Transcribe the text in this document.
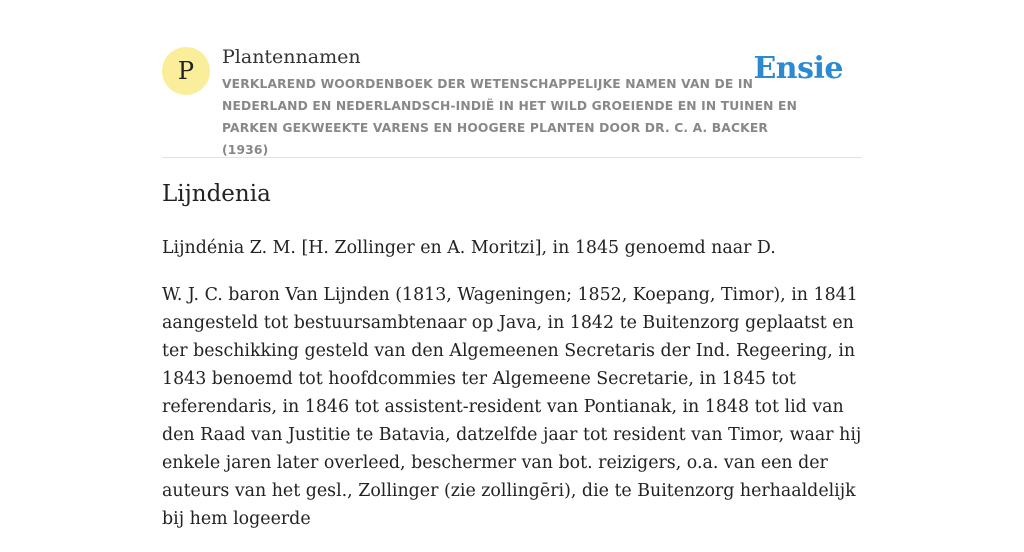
P	Plantennamen
VERKLAREND WOORDENBOEK DER WETENSCHAPPELIJKE NAMEN VAN DE IN NEDERLAND EN NEDERLANDSCH-INDIË IN HET WILD GROEIENDE EN IN TUINEN EN PARKEN GEKWEEKTE VARENS EN HOOGERE PLANTEN DOOR DR. C. A. BACKER (1936)
Ensie
Lijndenia

Lijndénia Z. M. [H. Zollinger en A. Moritzi], in 1845 genoemd naar D.

W. J. C. baron Van Lijnden (1813, Wageningen; 1852, Koepang, Timor), in 1841 aangesteld tot bestuursambtenaar op Java, in 1842 te Buitenzorg geplaatst en ter beschikking gesteld van den Algemeenen Secretaris der Ind. Regeering, in 1843 benoemd tot hoofdcommies ter Algemeene Secretarie, in 1845 tot referendaris, in 1846 tot assistent-resident van Pontianak, in 1848 tot lid van den Raad van Justitie te Batavia, datzelfde jaar tot resident van Timor, waar hij enkele jaren later overleed, beschermer van bot. reizigers, o.a. van een der auteurs van het gesl., Zollinger (zie zollingēri), die te Buitenzorg herhaaldelijk bij hem logeerde
